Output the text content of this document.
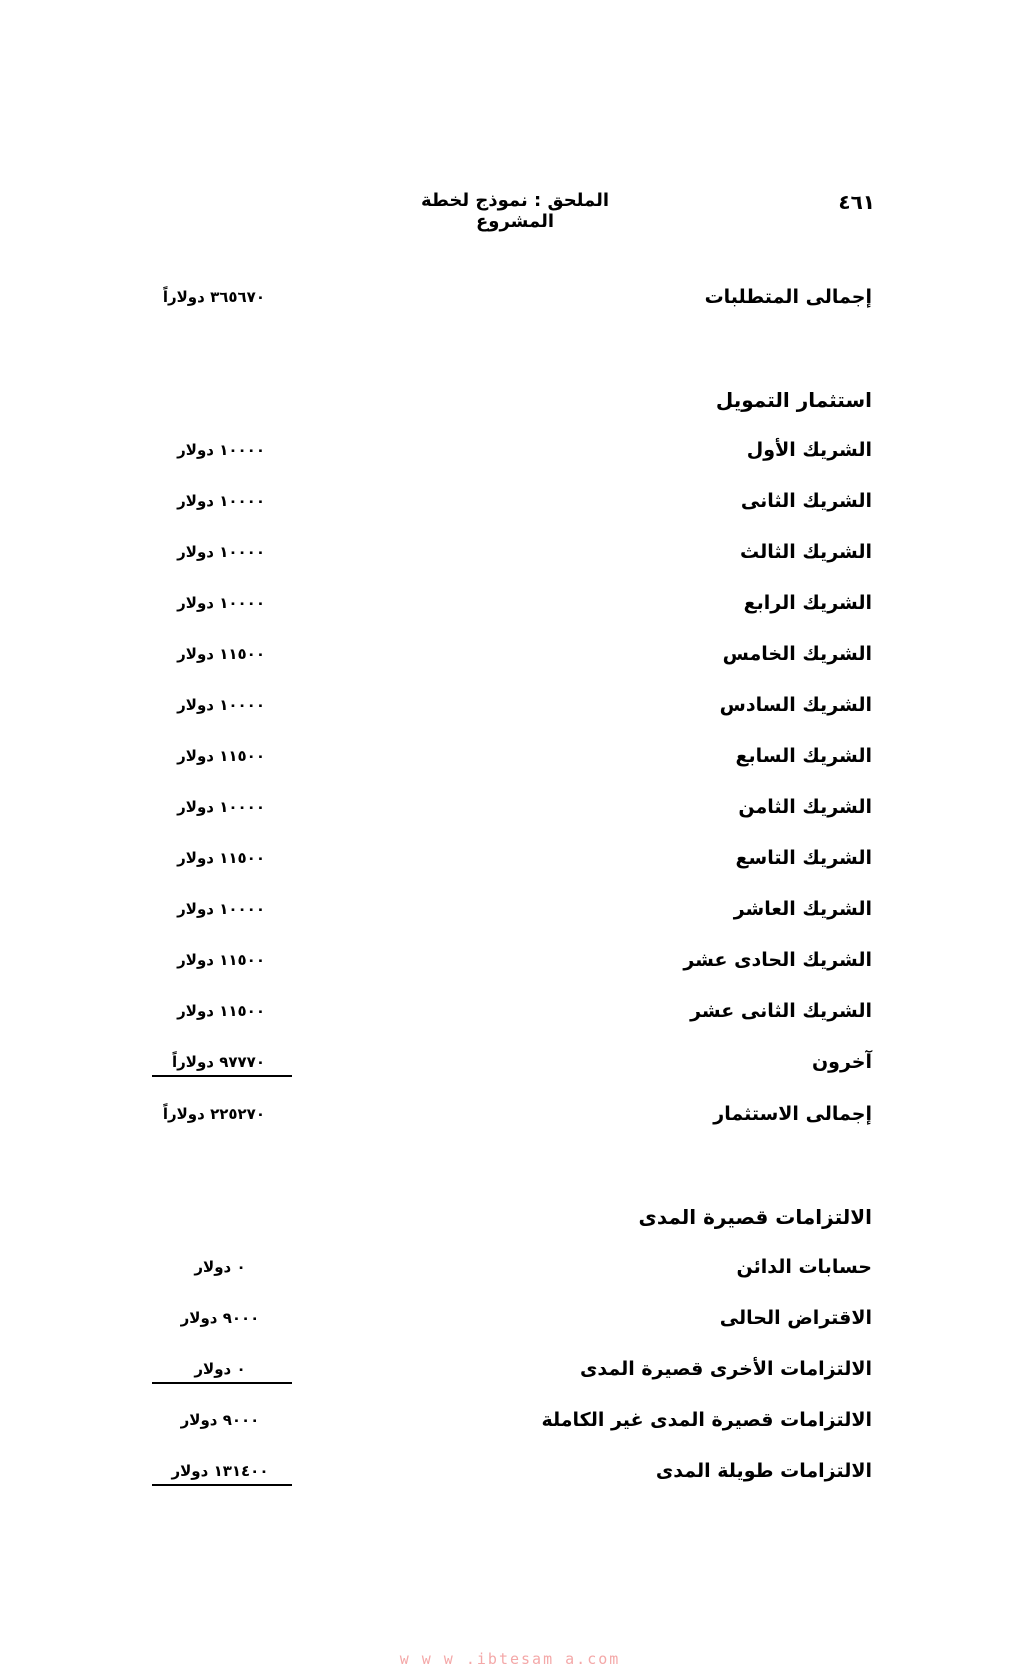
٤٦١
الملحق : نموذج لخطة المشروع
إجمالى المتطلبات
٣٦٥٦٧٠ دولاراً
استثمار التمويل
الشريك الأول
١٠٠٠٠ دولار
الشريك الثانى
١٠٠٠٠ دولار
الشريك الثالث
١٠٠٠٠ دولار
الشريك الرابع
١٠٠٠٠ دولار
الشريك الخامس
١١٥٠٠ دولار
الشريك السادس
١٠٠٠٠ دولار
الشريك السابع
١١٥٠٠ دولار
الشريك الثامن
١٠٠٠٠ دولار
الشريك التاسع
١١٥٠٠ دولار
الشريك العاشر
١٠٠٠٠ دولار
الشريك الحادى عشر
١١٥٠٠ دولار
الشريك الثانى عشر
١١٥٠٠ دولار
آخرون
٩٧٧٧٠ دولاراً
إجمالى الاستثمار
٢٢٥٢٧٠ دولاراً
الالتزامات قصيرة المدى
حسابات الدائن
٠ دولار
الاقتراض الحالى
٩٠٠٠ دولار
الالتزامات الأخرى قصيرة المدى
٠ دولار
الالتزامات قصيرة المدى غير الكاملة
٩٠٠٠ دولار
الالتزامات طويلة المدى
١٣١٤٠٠ دولار
w w w .ibtesam a.com
